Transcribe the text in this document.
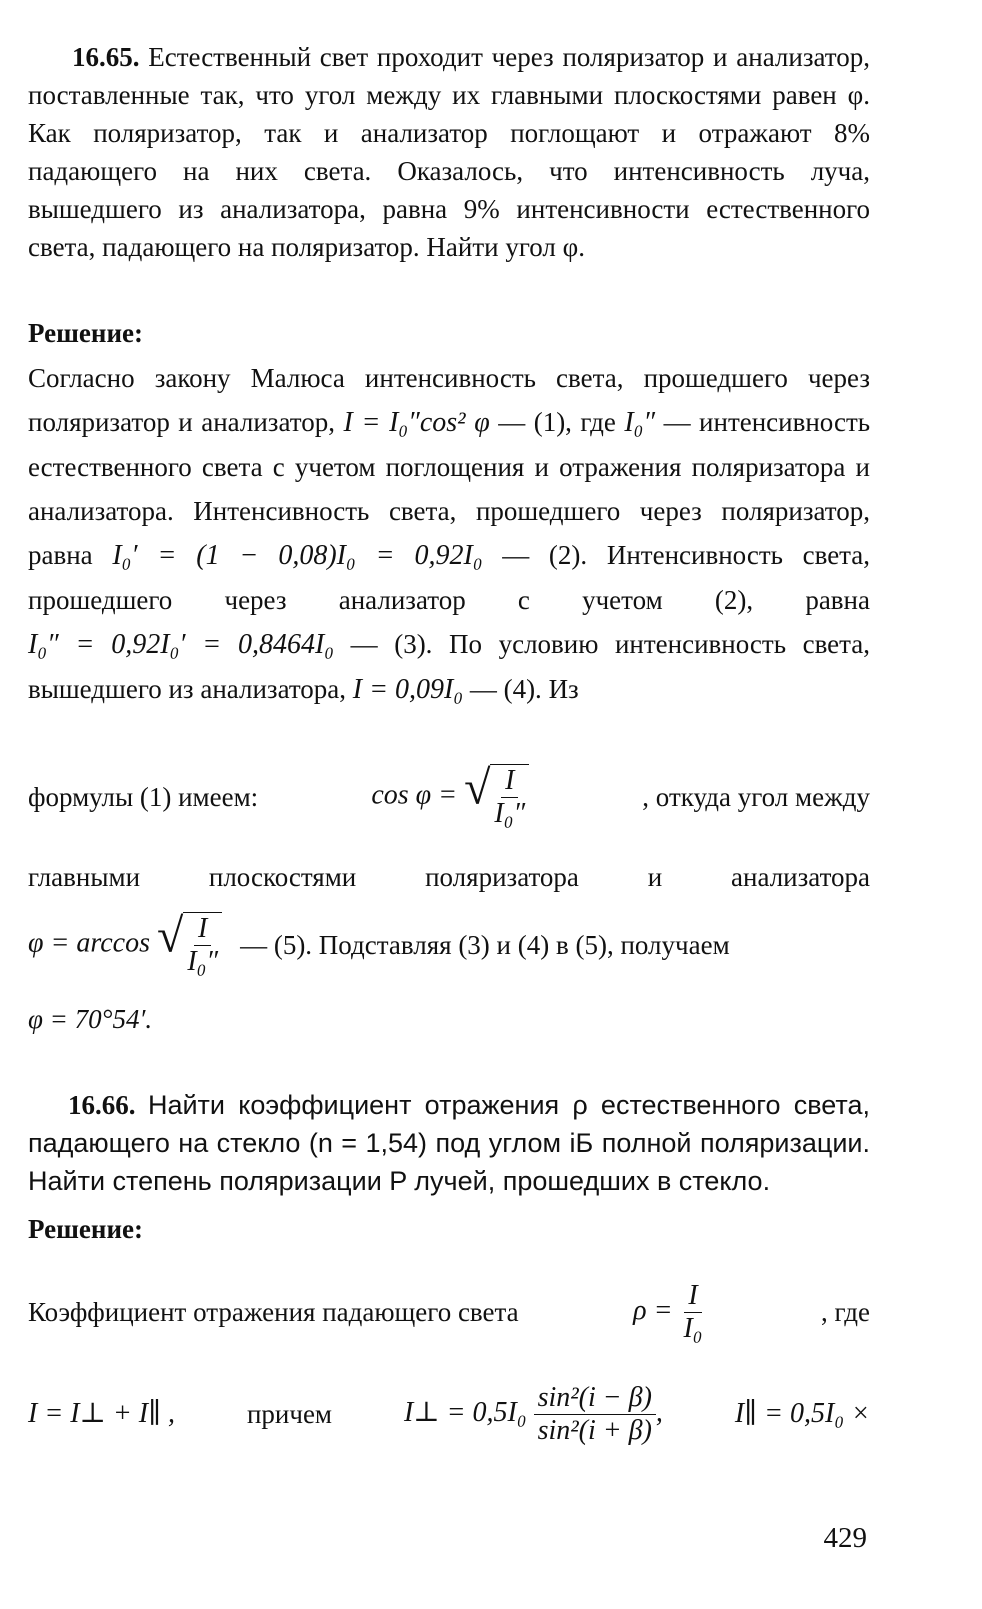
16.65. Естественный свет проходит через поляризатор и анализатор, поставленные так, что угол между их главными плоскостями равен φ. Как поляризатор, так и анализатор поглощают и отражают 8% падающего на них света. Оказалось, что интенсивность луча, вышедшего из анализатора, равна 9% интенсивности естественного света, падающего на поляризатор. Найти угол φ.

Решение:

Согласно закону Малюса интенсивность света, прошедшего через поляризатор и анализатор, I = I₀″cos² φ — (1), где I₀″ — интенсивность естественного света с учетом поглощения и отражения поляризатора и анализатора. Интенсивность света, прошедшего через поляризатор, равна I₀′ = (1 − 0,08)I₀ = 0,92I₀ — (2). Интенсивность света, прошедшего через анализатор с учетом (2), равна I₀″ = 0,92I₀′ = 0,8464I₀ — (3). По условию интенсивность света, вышедшего из анализатора, I = 0,09I₀ — (4). Из

формулы (1) имеем:	cos φ = √ $\frac{I}{\text{I₀″}}$	, откуда угол между

главными плоскостями поляризатора и анализатора

φ = arccos √ $\frac{I}{\text{I₀″}}$ — (5). Подставляя (3) и (4) в (5), получаем

φ = 70°54′.

16.66. Найти коэффициент отражения ρ естественного света, падающего на стекло (n = 1,54) под углом iБ полной поляризации. Найти степень поляризации P лучей, прошедших в стекло.

Решение:

Коэффициент отражения падающего света	$\rho = \frac{I}{\text{I₀}}$	, где
I = I⊥ + I∥ ,	причем	I⊥ = $0,5I_0 \frac{\text{sin²(i − β)}}{\text{sin²(i + β)}}$ ,	I∥ = 0,5I₀ ×
429
